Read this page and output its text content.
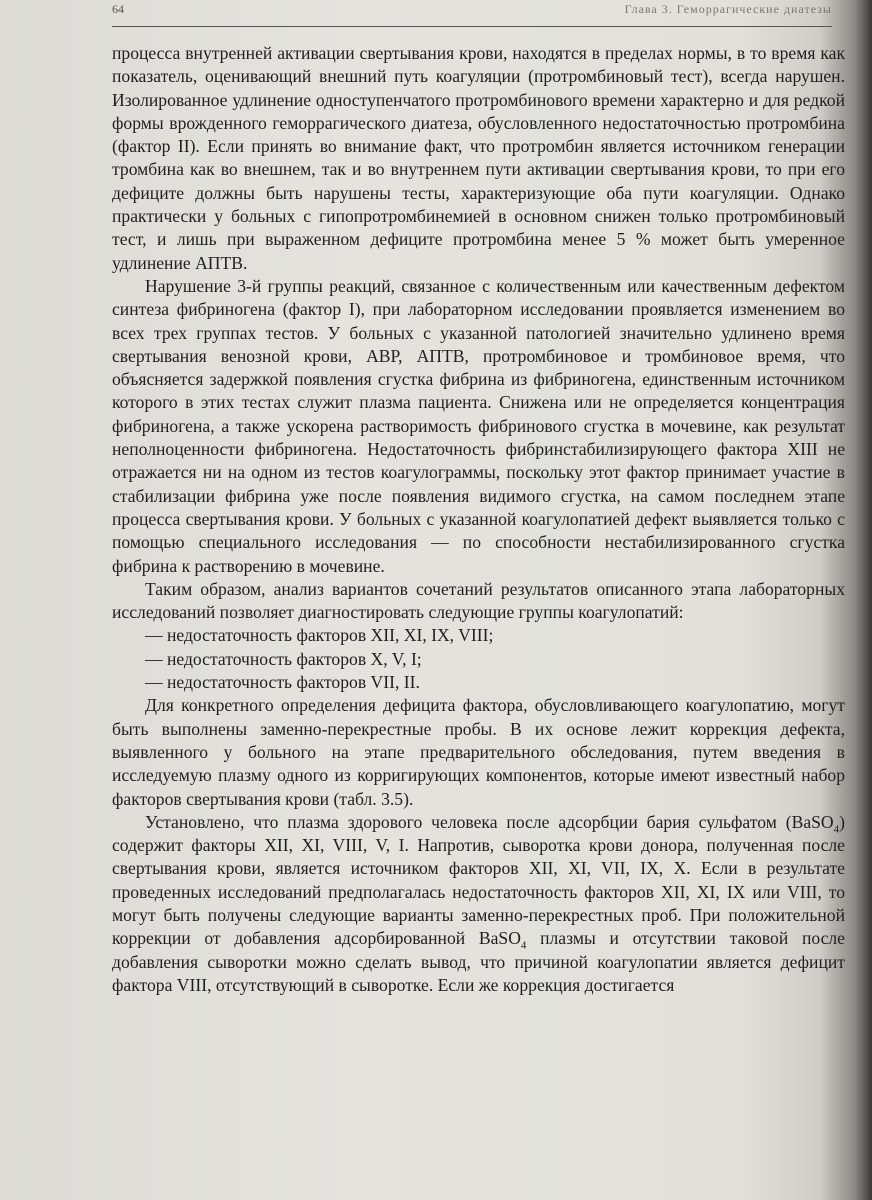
64	Глава 3. Геморрагические диатезы

процесса внутренней активации свертывания крови, находятся в пределах нормы, в то время как показатель, оценивающий внешний путь коагуляции (протромбиновый тест), всегда нарушен. Изолированное удлинение одноступенчатого протромбинового времени характерно и для редкой формы врожденного геморрагического диатеза, обусловленного недостаточностью протромбина (фактор II). Если принять во внимание факт, что протромбин является источником генерации тромбина как во внешнем, так и во внутреннем пути активации свертывания крови, то при его дефиците должны быть нарушены тесты, характеризующие оба пути коагуляции. Однако практически у больных с гипопротромбинемией в основном снижен только протромбиновый тест, и лишь при выраженном дефиците протромбина менее 5 % может быть умеренное удлинение АПТВ.

Нарушение 3-й группы реакций, связанное с количественным или качественным дефектом синтеза фибриногена (фактор I), при лабораторном исследовании проявляется изменением во всех трех группах тестов. У больных с указанной патологией значительно удлинено время свертывания венозной крови, АВР, АПТВ, протромбиновое и тромбиновое время, что объясняется задержкой появления сгустка фибрина из фибриногена, единственным источником которого в этих тестах служит плазма пациента. Снижена или не определяется концентрация фибриногена, а также ускорена растворимость фибринового сгустка в мочевине, как результат неполноценности фибриногена. Недостаточность фибринстабилизирующего фактора XIII не отражается ни на одном из тестов коагулограммы, поскольку этот фактор принимает участие в стабилизации фибрина уже после появления видимого сгустка, на самом последнем этапе процесса свертывания крови. У больных с указанной коагулопатией дефект выявляется только с помощью специального исследования — по способности нестабилизированного сгустка фибрина к растворению в мочевине.

Таким образом, анализ вариантов сочетаний результатов описанного этапа лабораторных исследований позволяет диагностировать следующие группы коагулопатий:

— недостаточность факторов XII, XI, IX, VIII;

— недостаточность факторов X, V, I;

— недостаточность факторов VII, II.

Для конкретного определения дефицита фактора, обусловливающего коагулопатию, могут быть выполнены заменно-перекрестные пробы. В их основе лежит коррекция дефекта, выявленного у больного на этапе предварительного обследования, путем введения в исследуемую плазму одного из корригирующих компонентов, которые имеют известный набор факторов свертывания крови (табл. 3.5).

Установлено, что плазма здорового человека после адсорбции бария сульфатом (BaSO$_4$) содержит факторы XII, XI, VIII, V, I. Напротив, сыворотка крови донора, полученная после свертывания крови, является источником факторов XII, XI, VII, IX, X. Если в результате проведенных исследований предполагалась недостаточность факторов XII, XI, IX или VIII, то могут быть получены следующие варианты заменно-перекрестных проб. При положительной коррекции от добавления адсорбированной BaSO$_4$ плазмы и отсутствии таковой после добавления сыворотки можно сделать вывод, что причиной коагулопатии является дефицит фактора VIII, отсутствующий в сыворотке. Если же коррекция достигается
